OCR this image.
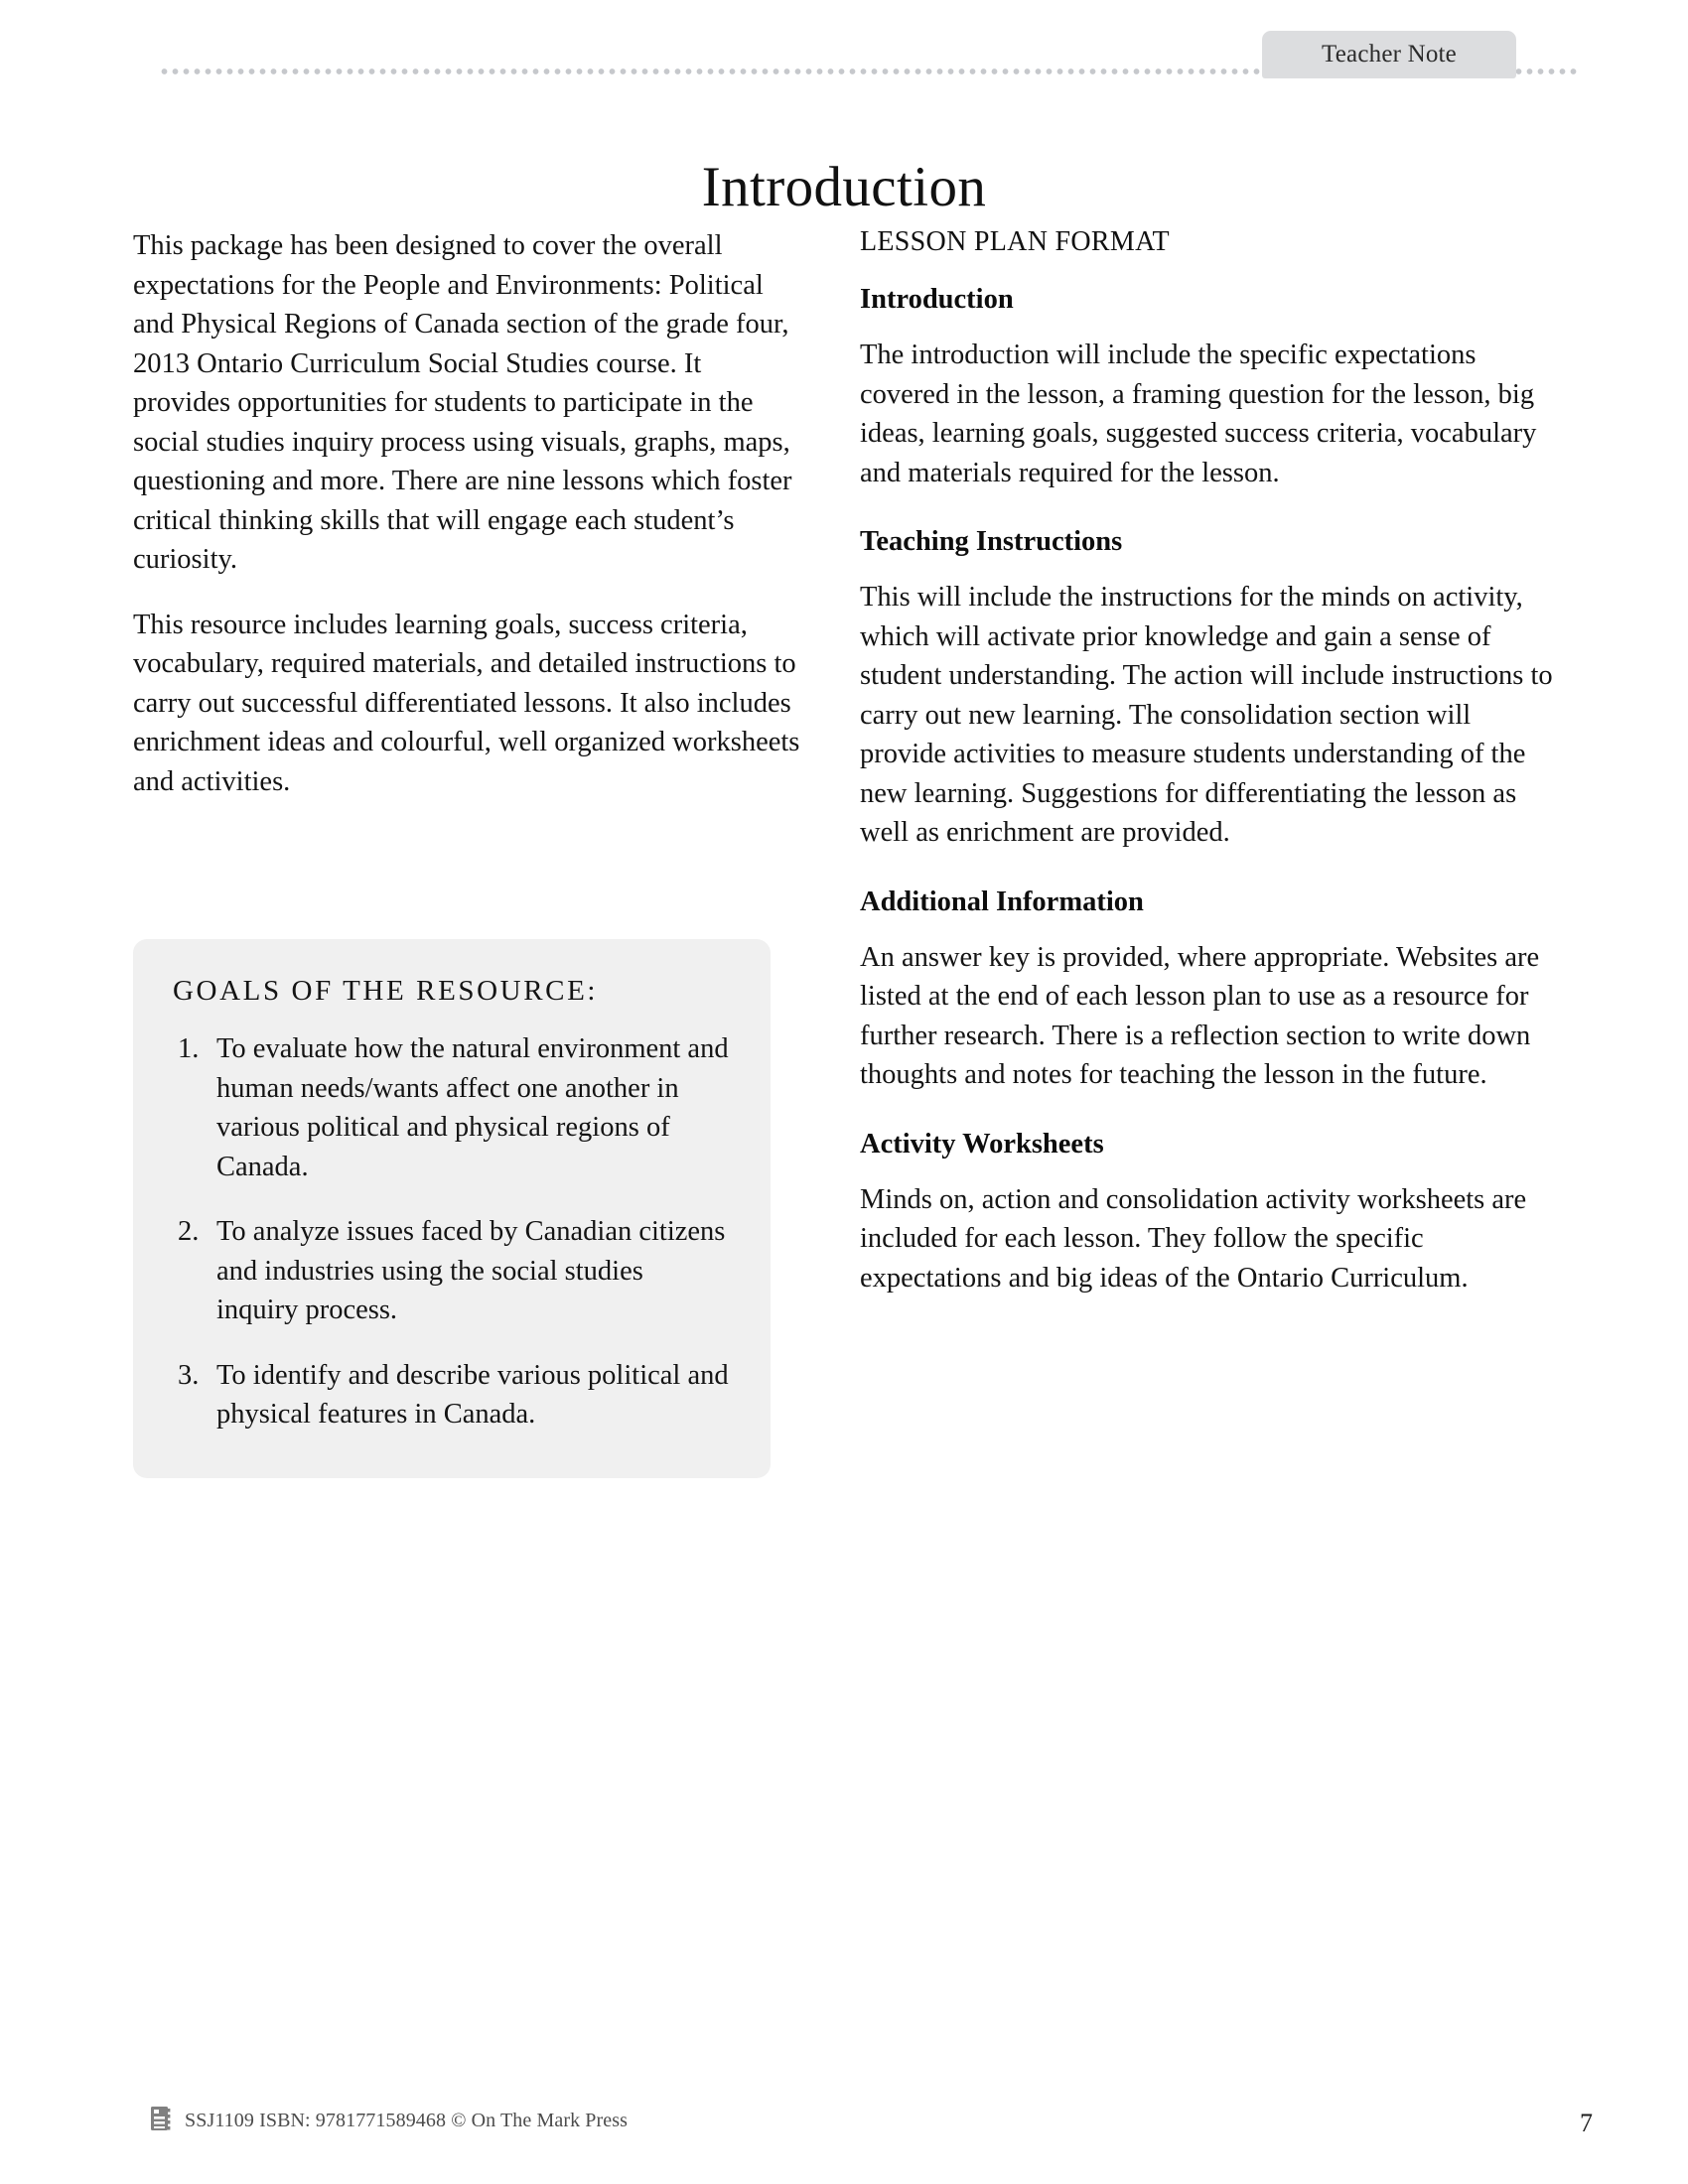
Teacher Note
Introduction

This package has been designed to cover the overall expectations for the People and Environments: Political and Physical Regions of Canada section of the grade four, 2013 Ontario Curriculum Social Studies course. It provides opportunities for students to participate in the social studies inquiry process using visuals, graphs, maps, questioning and more. There are nine lessons which foster critical thinking skills that will engage each student’s curiosity.

This resource includes learning goals, success criteria, vocabulary, required materials, and detailed instructions to carry out successful differentiated lessons. It also includes enrichment ideas and colourful, well organized worksheets and activities.

GOALS OF THE RESOURCE:
1. To evaluate how the natural environment and human needs/wants affect one another in various political and physical regions of Canada.
2. To analyze issues faced by Canadian citizens and industries using the social studies inquiry process.
3. To identify and describe various political and physical features in Canada.
LESSON PLAN FORMAT
Introduction

The introduction will include the specific expectations covered in the lesson, a framing question for the lesson, big ideas, learning goals, suggested success criteria, vocabulary and materials required for the lesson.

Teaching Instructions

This will include the instructions for the minds on activity, which will activate prior knowledge and gain a sense of student understanding. The action will include instructions to carry out new learning. The consolidation section will provide activities to measure students understanding of the new learning. Suggestions for differentiating the lesson as well as enrichment are provided.

Additional Information

An answer key is provided, where appropriate. Websites are listed at the end of each lesson plan to use as a resource for further research. There is a reflection section to write down thoughts and notes for teaching the lesson in the future.

Activity Worksheets

Minds on, action and consolidation activity worksheets are included for each lesson. They follow the specific expectations and big ideas of the Ontario Curriculum.

SSJ1109 ISBN: 9781771589468 © On The Mark Press	7
